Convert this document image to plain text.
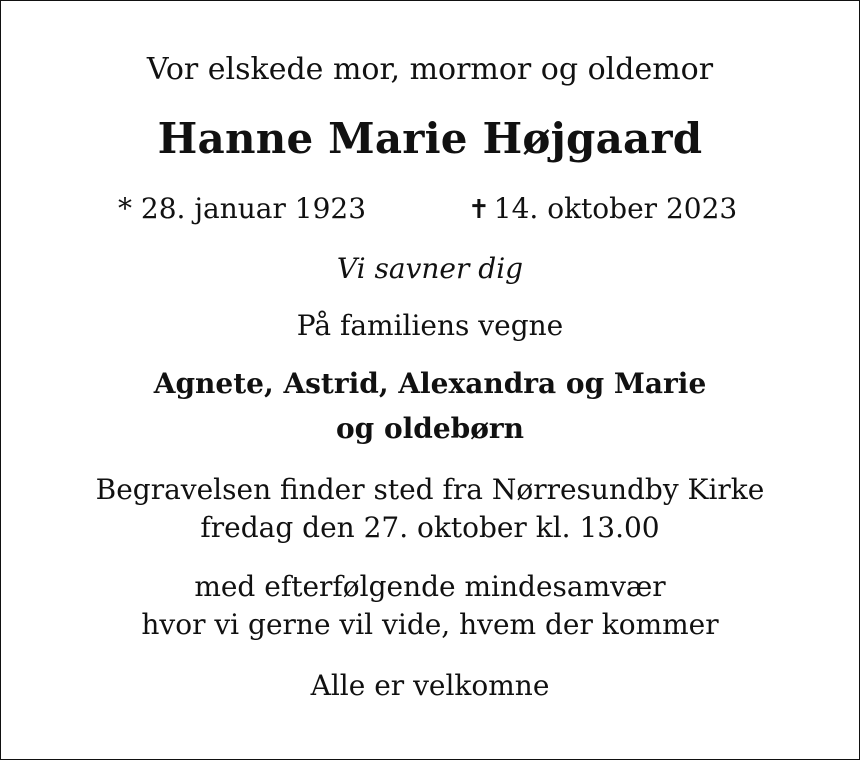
Vor elskede mor, mormor og oldemor
Hanne Marie Højgaard
* 28. januar 1923	✝ 14. oktober 2023
Vi savner dig
På familiens vegne
Agnete, Astrid, Alexandra og Marie
og oldebørn
Begravelsen finder sted fra Nørresundby Kirke
fredag den 27. oktober kl. 13.00
med efterfølgende mindesamvær
hvor vi gerne vil vide, hvem der kommer
Alle er velkomne
